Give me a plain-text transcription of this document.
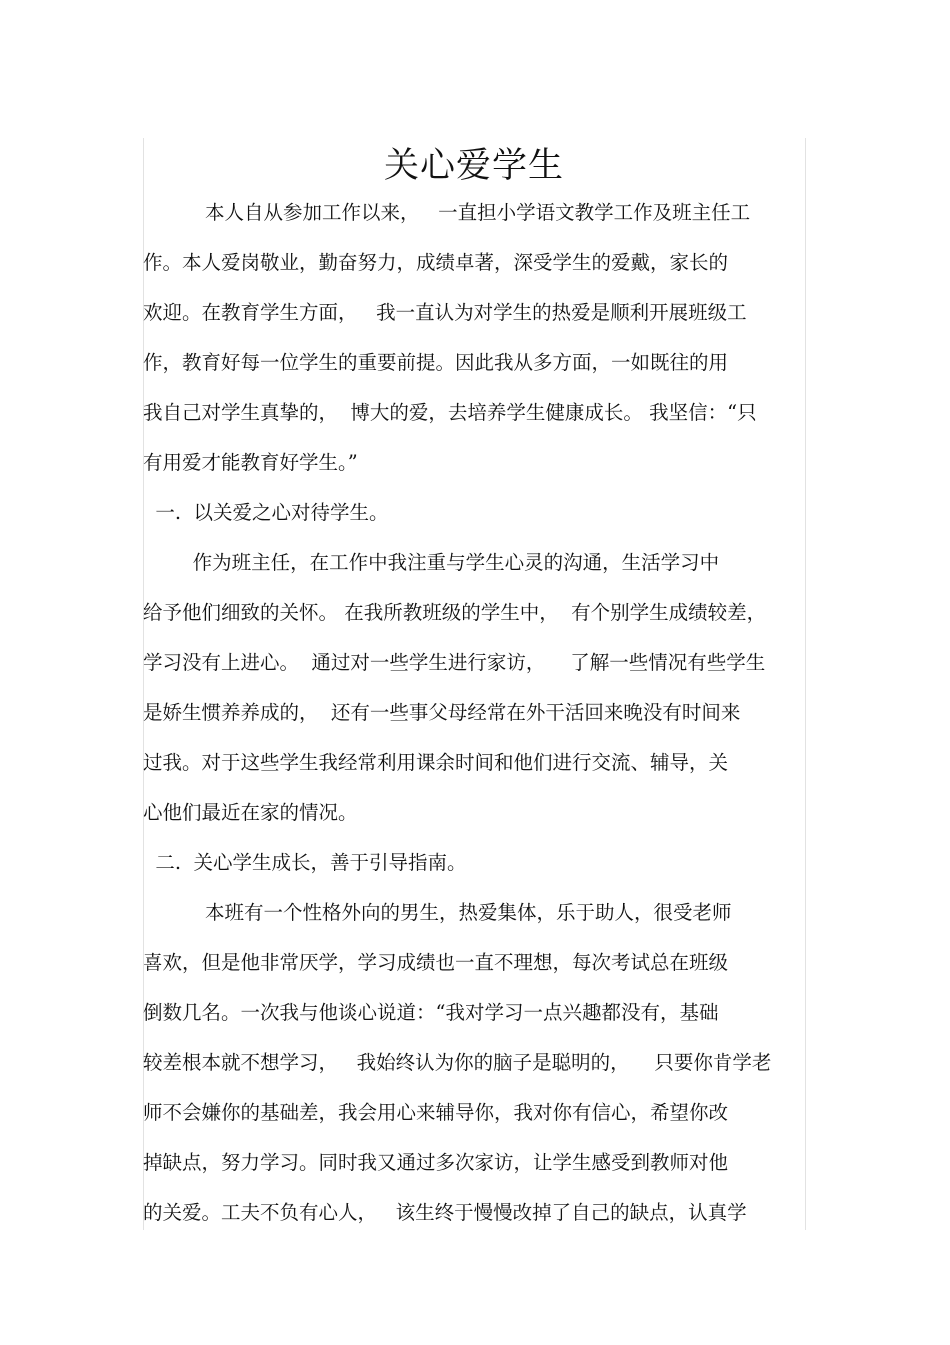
关心爱学生
本人自从参加工作以来，   一直担小学语文教学工作及班主任工
作。本人爱岗敬业，勤奋努力，成绩卓著，深受学生的爱戴，家长的
欢迎。在教育学生方面，   我一直认为对学生的热爱是顺利开展班级工
作，教育好每一位学生的重要前提。因此我从多方面，一如既往的用
我自己对学生真挚的，  博大的爱，去培养学生健康成长。 我坚信：“只
有用爱才能教育好学生。”
一.  以关爱之心对待学生。
作为班主任，在工作中我注重与学生心灵的沟通，生活学习中
给予他们细致的关怀。 在我所教班级的学生中，  有个别学生成绩较差，
学习没有上进心。  通过对一些学生进行家访，    了解一些情况有些学生
是娇生惯养养成的，  还有一些事父母经常在外干活回来晚没有时间来
过我。对于这些学生我经常利用课余时间和他们进行交流、辅导，关
心他们最近在家的情况。
二.  关心学生成长，善于引导指南。
本班有一个性格外向的男生，热爱集体，乐于助人，很受老师
喜欢，但是他非常厌学，学习成绩也一直不理想，每次考试总在班级
倒数几名。一次我与他谈心说道：“我对学习一点兴趣都没有，基础
较差根本就不想学习，   我始终认为你的脑子是聪明的，    只要你肯学老
师不会嫌你的基础差，我会用心来辅导你，我对你有信心，希望你改
掉缺点，努力学习。同时我又通过多次家访，让学生感受到教师对他
的关爱。工夫不负有心人，   该生终于慢慢改掉了自己的缺点，认真学
